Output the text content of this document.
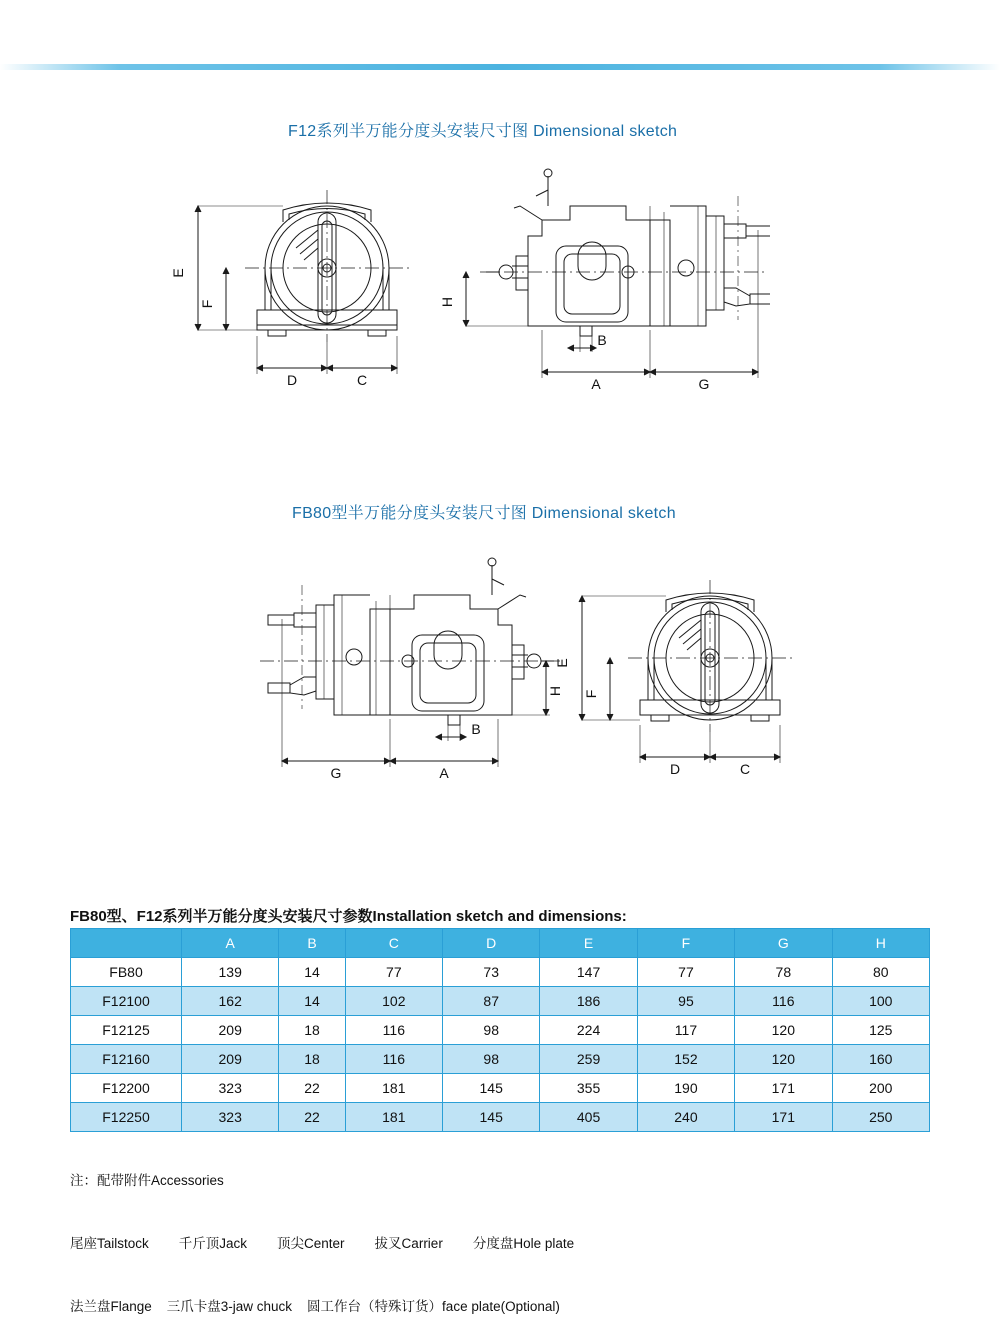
F12系列半万能分度头安装尺寸图 Dimensional sketch
E
F
D	C
H
B
A	G
FB80型半万能分度头安装尺寸图 Dimensional sketch
H
B
A
G
E
F
D	C
FB80型、F12系列半万能分度头安装尺寸参数Installation sketch and dimensions:
	A	B	C	D	E	F	G	H
FB80	139	14	77	73	147	77	78	80
F12100	162	14	102	87	186	95	116	100
F12125	209	18	116	98	224	117	120	125
F12160	209	18	116	98	259	152	120	160
F12200	323	22	181	145	355	190	171	200
F12250	323	22	181	145	405	240	171	250

注：配带附件Accessories

尾座Tailstock        千斤顶Jack        顶尖Center        拔叉Carrier        分度盘Hole plate

法兰盘Flange    三爪卡盘3-jaw chuck    圆工作台（特殊订货）face plate(Optional)
